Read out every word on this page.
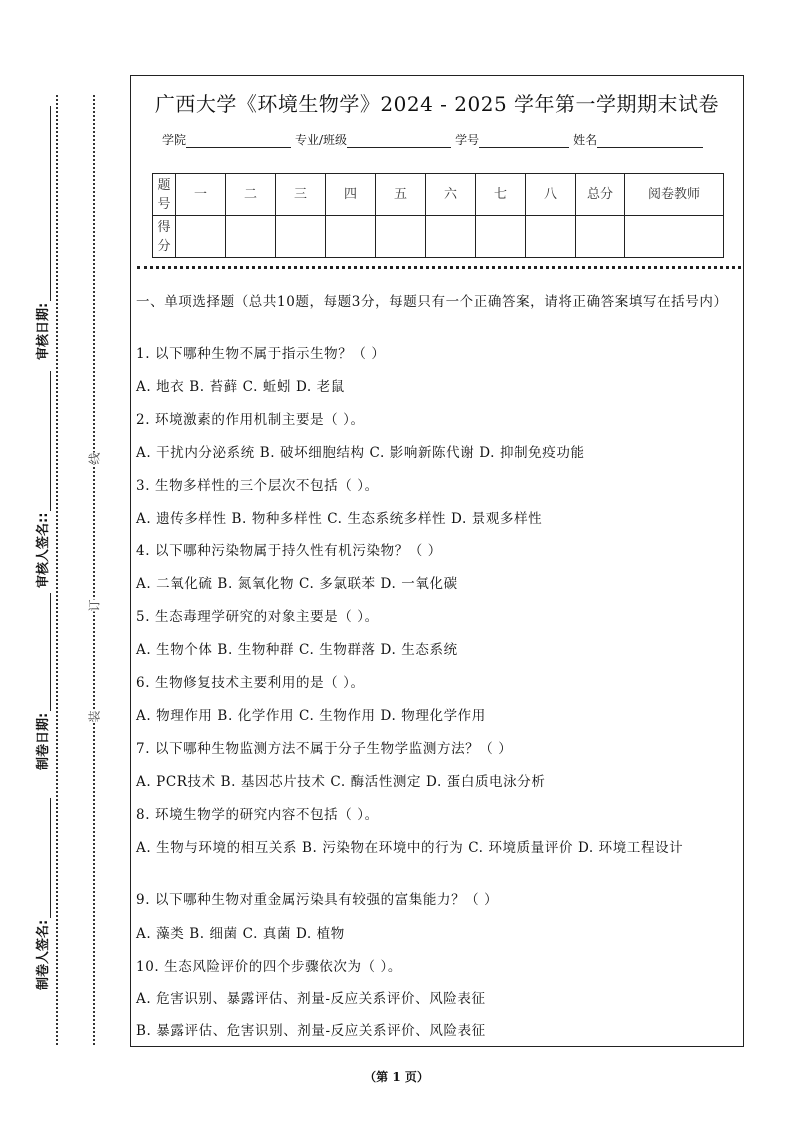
线
订
装
审核日期:
审核人签名::
制卷日期:
制卷人签名:
广西大学《环境生物学》2024 - 2025 学年第一学期期末试卷
学院	专业/班级	学号	姓名
题号	一	二	三	四	五	六	七	八	总分	阅卷教师
得分										
一、单项选择题（总共10题，每题3分，每题只有一个正确答案，请将正确答案填写在括号内）
1. 以下哪种生物不属于指示生物？（ ）
A. 地衣 B. 苔藓 C. 蚯蚓 D. 老鼠
2. 环境激素的作用机制主要是（ ）。
A. 干扰内分泌系统 B. 破坏细胞结构 C. 影响新陈代谢 D. 抑制免疫功能
3. 生物多样性的三个层次不包括（ ）。
A. 遗传多样性 B. 物种多样性 C. 生态系统多样性 D. 景观多样性
4. 以下哪种污染物属于持久性有机污染物？（ ）
A. 二氧化硫 B. 氮氧化物 C. 多氯联苯 D. 一氧化碳
5. 生态毒理学研究的对象主要是（ ）。
A. 生物个体 B. 生物种群 C. 生物群落 D. 生态系统
6. 生物修复技术主要利用的是（ ）。
A. 物理作用 B. 化学作用 C. 生物作用 D. 物理化学作用
7. 以下哪种生物监测方法不属于分子生物学监测方法？（ ）
A. PCR技术 B. 基因芯片技术 C. 酶活性测定 D. 蛋白质电泳分析
8. 环境生物学的研究内容不包括（ ）。
A. 生物与环境的相互关系 B. 污染物在环境中的行为 C. 环境质量评价 D. 环境工程设计
9. 以下哪种生物对重金属污染具有较强的富集能力？（ ）
A. 藻类 B. 细菌 C. 真菌 D. 植物
10. 生态风险评价的四个步骤依次为（ ）。
A. 危害识别、暴露评估、剂量-反应关系评价、风险表征
B. 暴露评估、危害识别、剂量-反应关系评价、风险表征
（第 1 页）
